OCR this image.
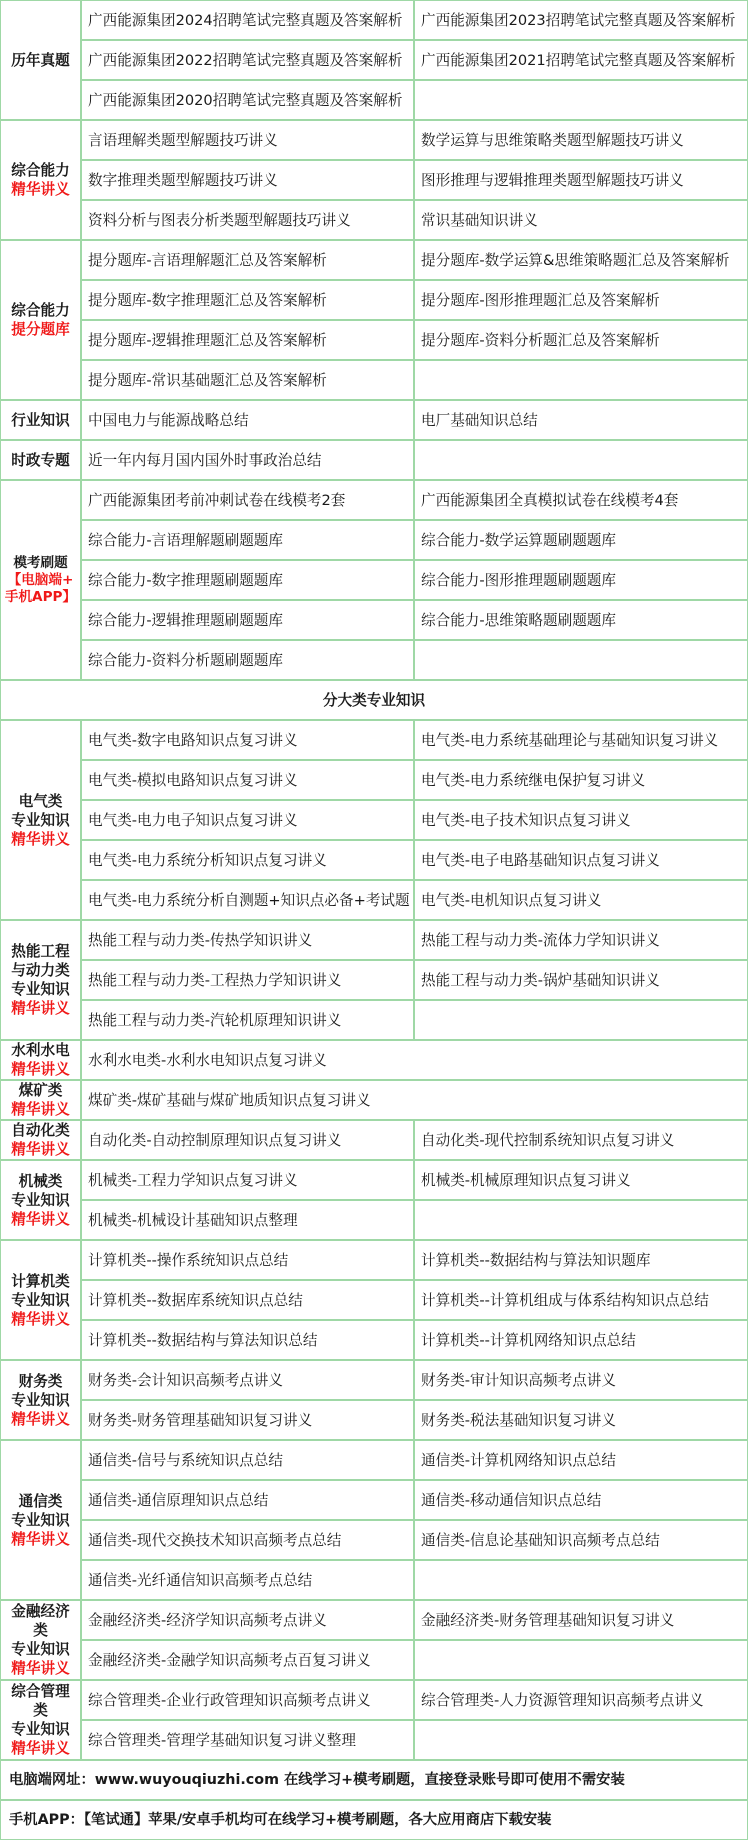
历年真题	广西能源集团2024招聘笔试完整真题及答案解析	广西能源集团2023招聘笔试完整真题及答案解析
	广西能源集团2022招聘笔试完整真题及答案解析	广西能源集团2021招聘笔试完整真题及答案解析
	广西能源集团2020招聘笔试完整真题及答案解析	

综合能力
精华讲义	言语理解类题型解题技巧讲义	数学运算与思维策略类题型解题技巧讲义
	数字推理类题型解题技巧讲义	图形推理与逻辑推理类题型解题技巧讲义
	资料分析与图表分析类题型解题技巧讲义	常识基础知识讲义

综合能力
提分题库	提分题库-言语理解题汇总及答案解析	提分题库-数学运算&思维策略题汇总及答案解析
	提分题库-数字推理题汇总及答案解析	提分题库-图形推理题汇总及答案解析
	提分题库-逻辑推理题汇总及答案解析	提分题库-资料分析题汇总及答案解析
	提分题库-常识基础题汇总及答案解析	

行业知识	中国电力与能源战略总结	电厂基础知识总结

时政专题	近一年内每月国内国外时事政治总结	

模考刷题
【电脑端+
手机APP】	广西能源集团考前冲刺试卷在线模考2套	广西能源集团全真模拟试卷在线模考4套
	综合能力-言语理解题刷题题库	综合能力-数学运算题刷题题库
	综合能力-数字推理题刷题题库	综合能力-图形推理题刷题题库
	综合能力-逻辑推理题刷题题库	综合能力-思维策略题刷题题库
	综合能力-资料分析题刷题题库	
分大类专业知识		

电气类
专业知识
精华讲义	电气类-数字电路知识点复习讲义	电气类-电力系统基础理论与基础知识复习讲义
	电气类-模拟电路知识点复习讲义	电气类-电力系统继电保护复习讲义
	电气类-电力电子知识点复习讲义	电气类-电子技术知识点复习讲义
	电气类-电力系统分析知识点复习讲义	电气类-电子电路基础知识点复习讲义
	电气类-电力系统分析自测题+知识点必备+考试题	电气类-电机知识点复习讲义

热能工程
与动力类
专业知识
精华讲义	热能工程与动力类-传热学知识讲义	热能工程与动力类-流体力学知识讲义
	热能工程与动力类-工程热力学知识讲义	热能工程与动力类-锅炉基础知识讲义
	热能工程与动力类-汽轮机原理知识讲义	

水利水电
精华讲义	水利水电类-水利水电知识点复习讲义	

煤矿类
精华讲义	煤矿类-煤矿基础与煤矿地质知识点复习讲义	

自动化类
精华讲义	自动化类-自动控制原理知识点复习讲义	自动化类-现代控制系统知识点复习讲义

机械类
专业知识
精华讲义	机械类-工程力学知识点复习讲义	机械类-机械原理知识点复习讲义
	机械类-机械设计基础知识点整理	

计算机类
专业知识
精华讲义	计算机类--操作系统知识点总结	计算机类--数据结构与算法知识题库
	计算机类--数据库系统知识点总结	计算机类--计算机组成与体系结构知识点总结
	计算机类--数据结构与算法知识总结	计算机类--计算机网络知识点总结

财务类
专业知识
精华讲义	财务类-会计知识高频考点讲义	财务类-审计知识高频考点讲义
	财务类-财务管理基础知识复习讲义	财务类-税法基础知识复习讲义

通信类
专业知识
精华讲义	通信类-信号与系统知识点总结	通信类-计算机网络知识点总结
	通信类-通信原理知识点总结	通信类-移动通信知识点总结
	通信类-现代交换技术知识高频考点总结	通信类-信息论基础知识高频考点总结
	通信类-光纤通信知识高频考点总结	

金融经济
类
专业知识
精华讲义	金融经济类-经济学知识高频考点讲义	金融经济类-财务管理基础知识复习讲义
	金融经济类-金融学知识高频考点百复习讲义	

综合管理
类
专业知识
精华讲义	综合管理类-企业行政管理知识高频考点讲义	综合管理类-人力资源管理知识高频考点讲义
	综合管理类-管理学基础知识复习讲义整理	
电脑端网址：www.wuyouqiuzhi.com 在线学习+模考刷题，直接登录账号即可使用不需安装		
手机APP：【笔试通】苹果/安卓手机均可在线学习+模考刷题，各大应用商店下载安装		
